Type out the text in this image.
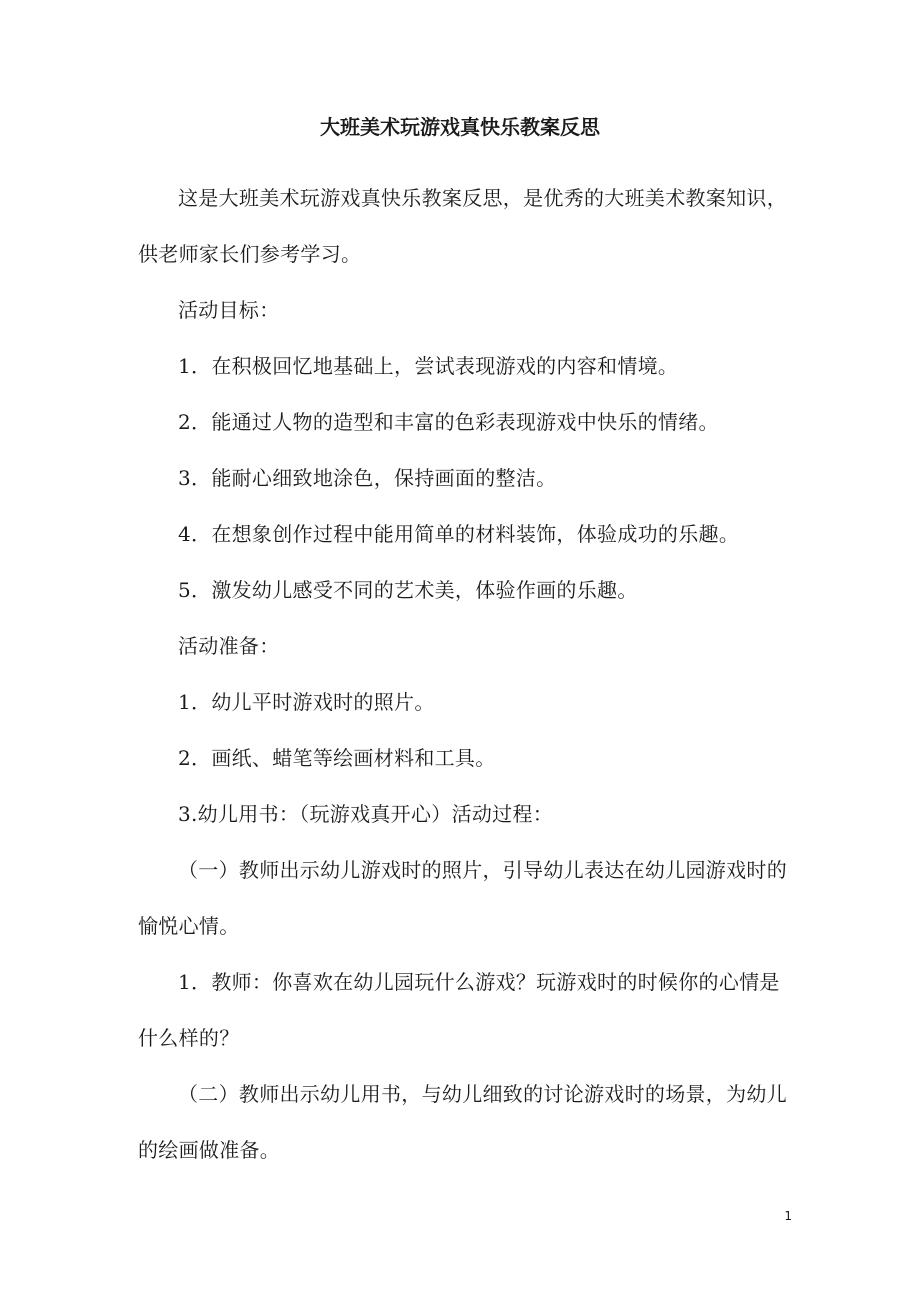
大班美术玩游戏真快乐教案反思

这是大班美术玩游戏真快乐教案反思，是优秀的大班美术教案知识，供老师家长们参考学习。

活动目标：

1．在积极回忆地基础上，尝试表现游戏的内容和情境。

2．能通过人物的造型和丰富的色彩表现游戏中快乐的情绪。

3．能耐心细致地涂色，保持画面的整洁。

4．在想象创作过程中能用简单的材料装饰，体验成功的乐趣。

5．激发幼儿感受不同的艺术美，体验作画的乐趣。

活动准备：

1．幼儿平时游戏时的照片。

2．画纸、蜡笔等绘画材料和工具。

3.幼儿用书：（玩游戏真开心）活动过程：

（一）教师出示幼儿游戏时的照片，引导幼儿表达在幼儿园游戏时的愉悦心情。

1．教师：你喜欢在幼儿园玩什么游戏？玩游戏时的时候你的心情是什么样的？

（二）教师出示幼儿用书，与幼儿细致的讨论游戏时的场景，为幼儿的绘画做准备。

1
